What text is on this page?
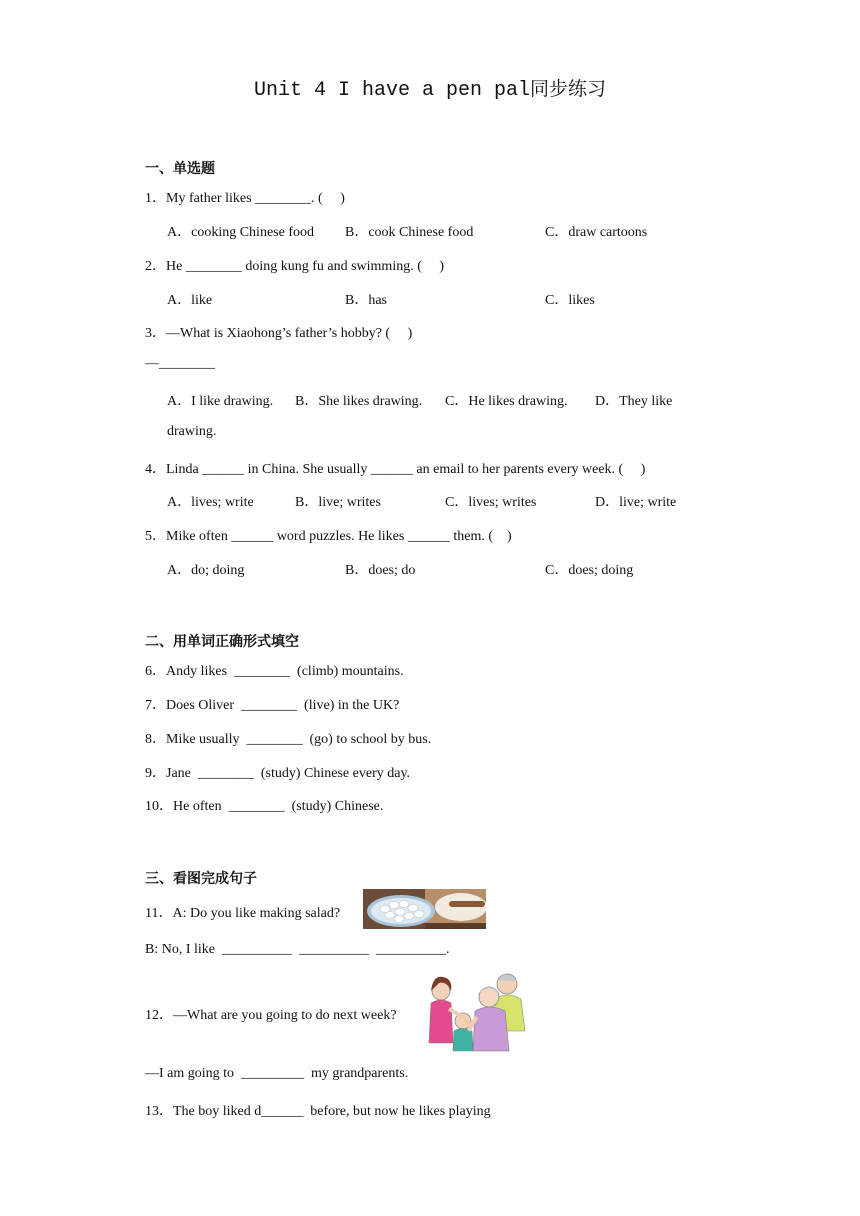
Unit 4 I have a pen pal同步练习
一、单选题
1．My father likes ________. (     )
A．cooking Chinese food B．cook Chinese food	C．draw cartoons
2．He ________ doing kung fu and swimming. (     )
A．like	B．has	C．likes
3．—What is Xiaohong’s father’s hobby? (     )
—________
A．I like drawing. B．She likes drawing. C．He likes drawing. D．They like
drawing.
4．Linda ______ in China. She usually ______ an email to her parents every week. (     )
A．lives; write	B．live; writes	C．lives; writes	D．live; write
5．Mike often ______ word puzzles. He likes ______ them. (    )
A．do; doing	B．does; do	C．does; doing
二、用单词正确形式填空
6．Andy likes  ________  (climb) mountains.
7．Does Oliver  ________  (live) in the UK?
8．Mike usually  ________  (go) to school by bus.
9．Jane  ________  (study) Chinese every day.
10．He often  ________  (study) Chinese.
三、看图完成句子
11．A: Do you like making salad?
B: No, I like  __________  __________  __________.
12．—What are you going to do next week?
—I am going to  _________  my grandparents.
13．The boy liked d______  before, but now he likes playing
